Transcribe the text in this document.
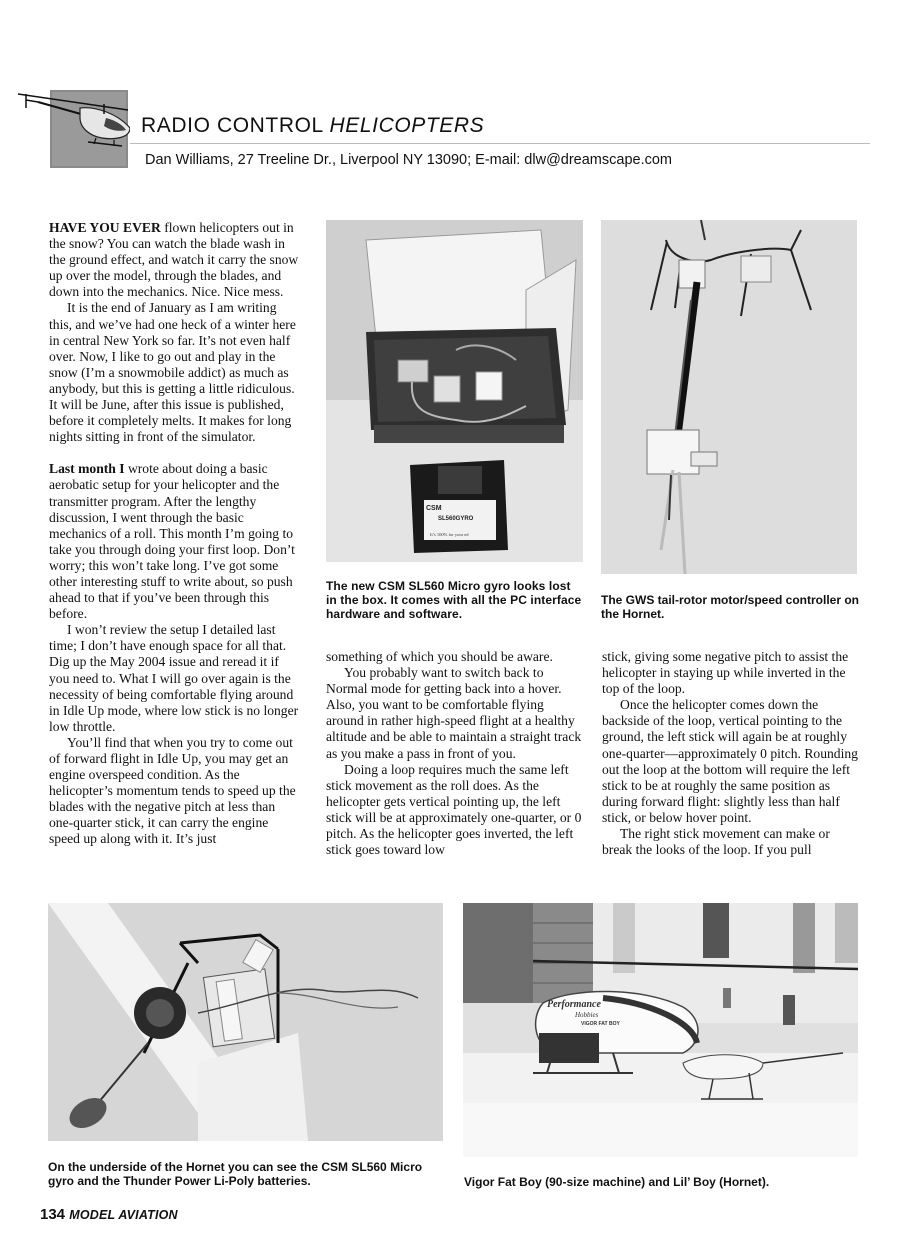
RADIO CONTROL HELICOPTERS
Dan Williams, 27 Treeline Dr., Liverpool NY 13090; E-mail: dlw@dreamscape.com

HAVE YOU EVER flown helicopters out in the snow? You can watch the blade wash in the ground effect, and watch it carry the snow up over the model, through the blades, and down into the mechanics. Nice. Nice mess.

It is the end of January as I am writing this, and we’ve had one heck of a winter here in central New York so far. It’s not even half over. Now, I like to go out and play in the snow (I’m a snowmobile addict) as much as anybody, but this is getting a little ridiculous. It will be June, after this issue is published, before it completely melts. It makes for long nights sitting in front of the simulator.

Last month I wrote about doing a basic aerobatic setup for your helicopter and the transmitter program. After the lengthy discussion, I went through the basic mechanics of a roll. This month I’m going to take you through doing your first loop. Don’t worry; this won’t take long. I’ve got some other interesting stuff to write about, so push ahead to that if you’ve been through this before.

I won’t review the setup I detailed last time; I don’t have enough space for all that. Dig up the May 2004 issue and reread it if you need to. What I will go over again is the necessity of being comfortable flying around in Idle Up mode, where low stick is no longer low throttle.

You’ll find that when you try to come out of forward flight in Idle Up, you may get an engine overspeed condition. As the helicopter’s momentum tends to speed up the blades with the negative pitch at less than one-quarter stick, it can carry the engine speed up along with it. It’s just

CSM
SL560GYRO
It’s 100% for your ed
The new CSM SL560 Micro gyro looks lost in the box. It comes with all the PC interface hardware and software.
The GWS tail-rotor motor/speed controller on the Hornet.

something of which you should be aware.

You probably want to switch back to Normal mode for getting back into a hover. Also, you want to be comfortable flying around in rather high-speed flight at a healthy altitude and be able to maintain a straight track as you make a pass in front of you.

Doing a loop requires much the same left stick movement as the roll does. As the helicopter gets vertical pointing up, the left stick will be at approximately one-quarter, or 0 pitch. As the helicopter goes inverted, the left stick goes toward low

stick, giving some negative pitch to assist the helicopter in staying up while inverted in the top of the loop.

Once the helicopter comes down the backside of the loop, vertical pointing to the ground, the left stick will again be at roughly one-quarter—approximately 0 pitch. Rounding out the loop at the bottom will require the left stick to be at roughly the same position as during forward flight: slightly less than half stick, or below hover point.

The right stick movement can make or break the looks of the loop. If you pull

On the underside of the Hornet you can see the CSM SL560 Micro gyro and the Thunder Power Li-Poly batteries.
Performance
Hobbies
VIGOR FAT BOY
Vigor Fat Boy (90-size machine) and Lil’ Boy (Hornet).
134 MODEL AVIATION
